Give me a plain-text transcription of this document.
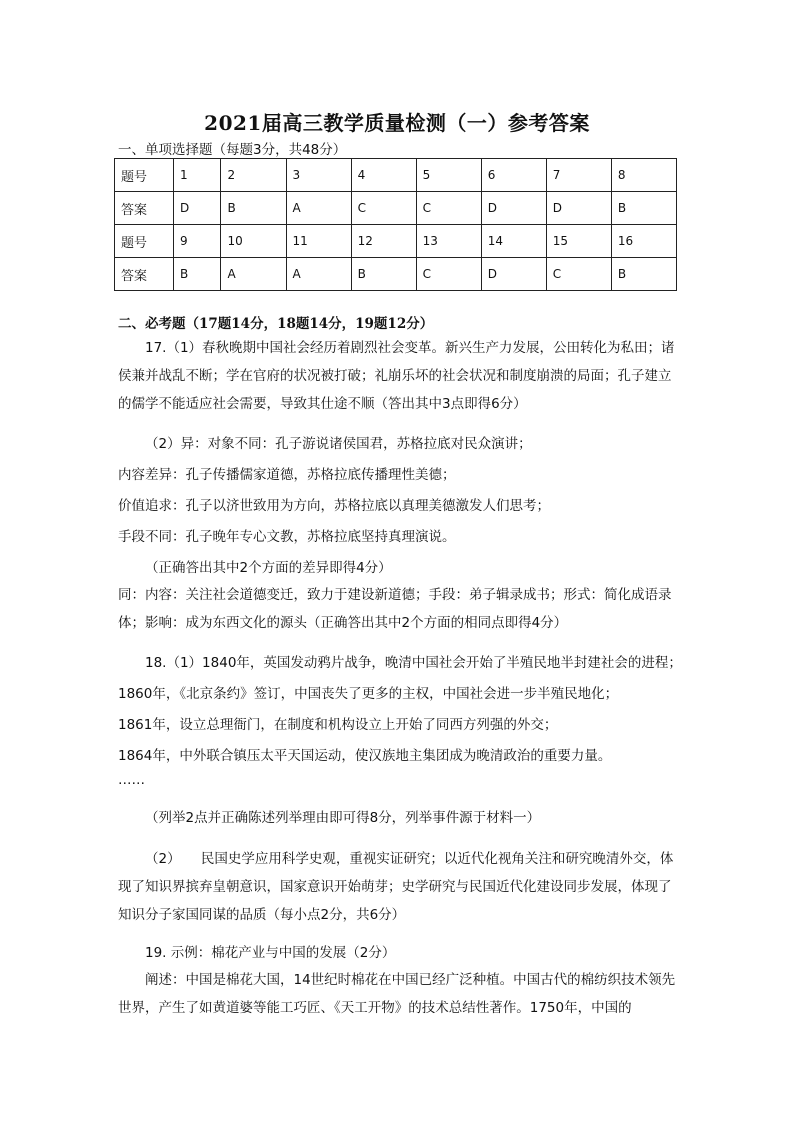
2021届高三教学质量检测（一）参考答案
一、单项选择题（每题3分，共48分）
题号	1	2	3	4	5	6	7	8
答案	D	B	A	C	C	D	D	B
题号	9	10	11	12	13	14	15	16
答案	B	A	A	B	C	D	C	B
二、必考题（17题14分，18题14分，19题12分）
17.（1）春秋晚期中国社会经历着剧烈社会变革。新兴生产力发展，公田转化为私田；诸侯兼并战乱不断；学在官府的状况被打破；礼崩乐坏的社会状况和制度崩溃的局面；孔子建立的儒学不能适应社会需要，导致其仕途不顺（答出其中3点即得6分）
（2）异：对象不同：孔子游说诸侯国君，苏格拉底对民众演讲；
内容差异：孔子传播儒家道德，苏格拉底传播理性美德；
价值追求：孔子以济世致用为方向，苏格拉底以真理美德激发人们思考；
手段不同：孔子晚年专心文教，苏格拉底坚持真理演说。
（正确答出其中2个方面的差异即得4分）
同：内容：关注社会道德变迁，致力于建设新道德；手段：弟子辑录成书；形式：简化成语录体；影响：成为东西文化的源头（正确答出其中2个方面的相同点即得4分）
18.（1）1840年，英国发动鸦片战争，晚清中国社会开始了半殖民地半封建社会的进程；
1860年，《北京条约》签订，中国丧失了更多的主权，中国社会进一步半殖民地化；
1861年，设立总理衙门，在制度和机构设立上开始了同西方列强的外交；
1864年，中外联合镇压太平天国运动，使汉族地主集团成为晚清政治的重要力量。
……
（列举2点并正确陈述列举理由即可得8分，列举事件源于材料一）
（2）　　民国史学应用科学史观，重视实证研究；以近代化视角关注和研究晚清外交，体现了知识界摈弃皇朝意识，国家意识开始萌芽；史学研究与民国近代化建设同步发展，体现了知识分子家国同谋的品质（每小点2分，共6分）
19. 示例：棉花产业与中国的发展（2分）
阐述：中国是棉花大国，14世纪时棉花在中国已经广泛种植。中国古代的棉纺织技术领先世界，产生了如黄道婆等能工巧匠、《天工开物》的技术总结性著作。1750年，中国的
